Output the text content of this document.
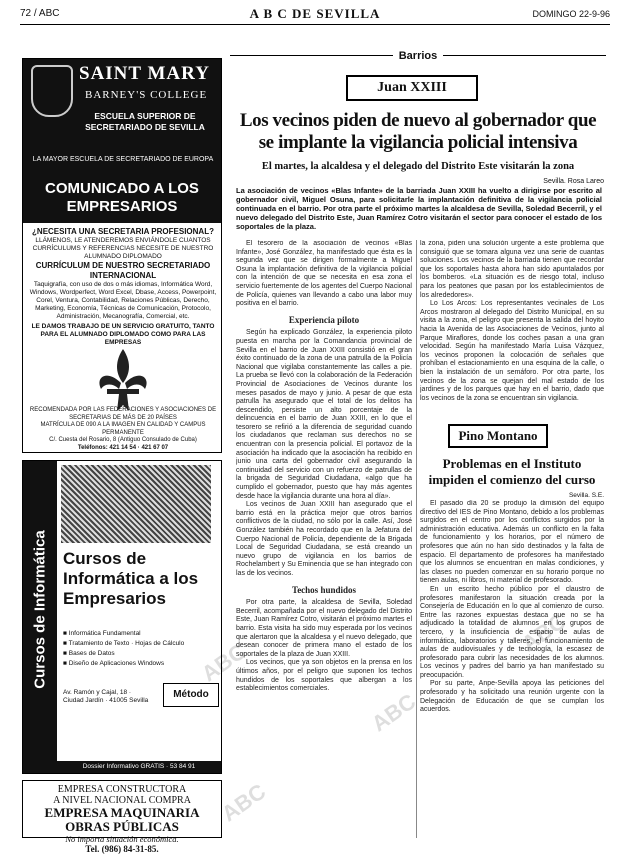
72 / ABC	A B C DE SEVILLA	DOMINGO 22-9-96
SAINT MARY
BARNEY'S COLLEGE
ESCUELA SUPERIOR DE SECRETARIADO DE SEVILLA
LA MAYOR ESCUELA DE SECRETARIADO DE EUROPA
COMUNICADO A LOS EMPRESARIOS
¿NECESITA UNA SECRETARIA PROFESIONAL?
LLÁMENOS, LE ATENDEREMOS ENVIÁNDOLE CUANTOS CURRÍCULUMS Y REFERENCIAS NECESITE DE NUESTRO ALUMNADO DIPLOMADO
CURRÍCULUM DE NUESTRO SECRETARIADO INTERNACIONAL
Taquigrafía, con uso de dos o más idiomas, Informática Word, Windows, Wordperfect, Word Excel, Dbase, Access, Powerpoint, Corel, Ventura, Contabilidad, Relaciones Públicas, Derecho, Marketing, Economía, Técnicas de Comunicación, Protocolo, Administración, Mecanografía, Comercial, etc.
LE DAMOS TRABAJO DE UN SERVICIO GRATUITO, TANTO PARA EL ALUMNADO DIPLOMADO COMO PARA LAS EMPRESAS
RECOMENDADA POR LAS FEDERACIONES Y ASOCIACIONES DE SECRETARIAS DE MÁS DE 20 PAÍSES
MATRÍCULA DE 090 A LA IMAGEN EN CALIDAD Y CAMPUS PERMANENTE
C/. Cuesta del Rosario, 8 (Antiguo Consulado de Cuba)
Teléfonos: 421 14 54 · 421 67 07
Cursos de Informática Cursos de Informática a los Empresarios
■ Informática Fundamental
■ Tratamiento de Texto · Hojas de Cálculo
■ Bases de Datos
■ Diseño de Aplicaciones Windows
Av. Ramón y Cajal, 18 · Ciudad Jardín · 41005 Sevilla
Método
Dossier Informativo GRATIS · 53 84 91
EMPRESA CONSTRUCTORA
A NIVEL NACIONAL COMPRA
EMPRESA MAQUINARIA
OBRAS PÚBLICAS
No importa situación económica.
Tel. (986) 84-31-85.
Barrios
Juan XXIII
Los vecinos piden de nuevo al gobernador que se implante la vigilancia policial intensiva
El martes, la alcaldesa y el delegado del Distrito Este visitarán la zona
Sevilla. Rosa Lareo
La asociación de vecinos «Blas Infante» de la barriada Juan XXIII ha vuelto a dirigirse por escrito al gobernador civil, Miguel Osuna, para solicitarle la implantación definitiva de la vigilancia policial continuada en el barrio. Por otra parte el próximo martes la alcaldesa de Sevilla, Soledad Becerril, y el nuevo delegado del Distrito Este, Juan Ramírez Cotro visitarán el sector para conocer el estado de los soportales de la plaza.

El tesorero de la asociación de vecinos «Blas Infante», José González, ha manifestado que ésta es la segunda vez que se dirigen formalmente a Miguel Osuna la implantación definitiva de la vigilancia policial con la intención de que se necesita en esa zona el servicio fuertemente de los agentes del Cuerpo Nacional de Policía, quienes van llevando a cabo una labor muy positiva en el barrio.

Experiencia piloto

Según ha explicado González, la experiencia piloto puesta en marcha por la Comandancia provincial de Sevilla en el barrio de Juan XXIII consistió en el gran éxito continuado de la zona de una patrulla de la Policía Nacional que vigilaba constantemente las calles a pie. La prueba se llevó con la colaboración de la Federación Provincial de Asociaciones de Vecinos durante los meses pasados de mayo y junio. A pesar de que esta patrulla ha asegurado que el total de los delitos ha descendido, persiste un alto porcentaje de la delincuencia en el barrio de Juan XXIII, en lo que el tesorero se refirió a la diferencia de seguridad cuando los ciudadanos que reclaman sus derechos no se encuentran con la presencia policial. El portavoz de la asociación ha indicado que la asociación ha recibido en junio una carta del gobernador civil asegurando la continuidad del servicio con un refuerzo de patrullas de la brigada de Seguridad Ciudadana, «algo que ha cumplido el gobernador, puesto que hay más agentes desde hace la vigilancia durante una hora al día».

Los vecinos de Juan XXIII han asegurado que el barrio está en la práctica mejor que otros barrios conflictivos de la ciudad, no sólo por la calle. Así, José González también ha recordado que en la Jefatura del Cuerpo Nacional de Policía, dependiente de la Brigada Local de Seguridad Ciudadana, se está creando un nuevo grupo de vigilancia en los barrios de Rochelambert y Su Eminencia que se han integrado con las de los vecinos.

Techos hundidos

Por otra parte, la alcaldesa de Sevilla, Soledad Becerril, acompañada por el nuevo delegado del Distrito Este, Juan Ramírez Cotro, visitarán el próximo martes el barrio. Esta visita ha sido muy esperada por los vecinos que alertaron que la alcaldesa y el nuevo delegado, que desean conocer de primera mano el estado de los soportales de la plaza de Juan XXIII.

Los vecinos, que ya son objetos en la prensa en los últimos años, por el peligro que suponen los techos hundidos de los soportales que albergan a los establecimientos comerciales.

la zona, piden una solución urgente a este problema que consiguió que se tomara alguna vez una serie de cuantas soluciones. Los vecinos de la barriada tienen que recordar que los soportales hasta ahora han sido apuntalados por los bomberos. «La situación es de riesgo total, incluso para los peatones que pasan por los establecimientos de los alrededores».

Lo Los Arcos: Los representantes vecinales de Los Arcos mostraron al delegado del Distrito Municipal, en su visita a la zona, el peligro que presenta la salida del hoyito hacia la Avenida de las Asociaciones de Vecinos, junto al Parque Miraflores, donde los coches pasan a una gran velocidad. Según ha manifestado María Luisa Vázquez, los vecinos proponen la colocación de señales que prohíban el estacionamiento en una esquina de la calle, o bien la instalación de un semáforo. Por otra parte, los vecinos de la zona se quejan del mal estado de los jardines y de los parques que hay en el barrio, dado que los vecinos de la zona se encuentran sin vigilancia.

Pino Montano
Problemas en el Instituto impiden el comienzo del curso
Sevilla. S.E.

El pasado día 20 se produjo la dimisión del equipo directivo del IES de Pino Montano, debido a los problemas surgidos en el centro por los conflictos surgidos por la administración educativa. Además un conflicto en la falta de funcionamiento y los horarios, por el número de profesores que aún no han sido destinados y la falta de espacio. El departamento de profesores ha manifestado que los alumnos se encuentran en malas condiciones, y las clases no pueden comenzar en su horario porque no tienen aulas, ni libros, ni material de profesorado.

En un escrito hecho público por el claustro de profesores manifestaron la situación creada por la Consejería de Educación en lo que al comienzo de curso. Entre las razones expuestas destaca que no se ha adjudicado la totalidad de alumnos en los grupos de tercero, y la insuficiencia de espacio de aulas de informática, laboratorios y talleres, el funcionamiento de aulas de audiovisuales y de tecnología, la escasez de profesorado para cubrir las necesidades de los alumnos. Los vecinos y padres del barrio ya han manifestado su preocupación.

Por su parte, Anpe-Sevilla apoya las peticiones del profesorado y ha solicitado una reunión urgente con la Delegación de Educación de que se cumplan los acuerdos.

ABC
ABC
ABC
ABC
